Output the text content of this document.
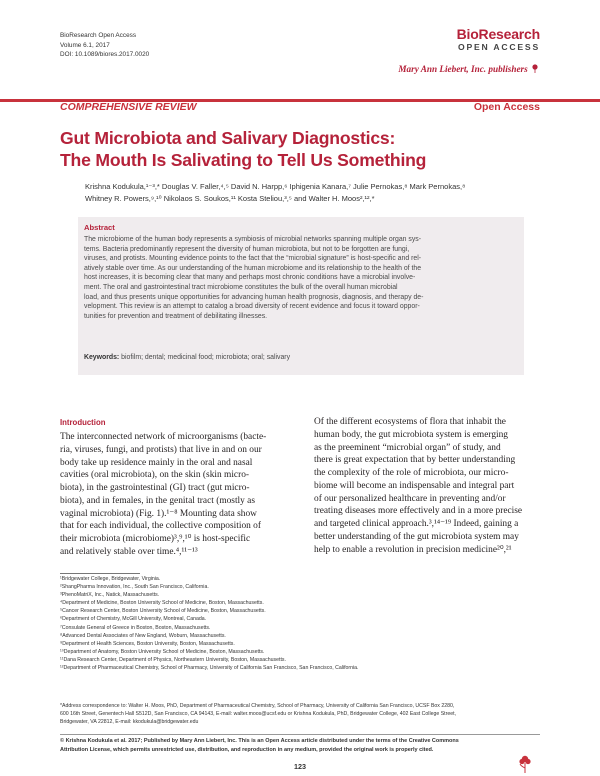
BioResearch Open Access
Volume 6.1, 2017
DOI: 10.1089/biores.2017.0020
BioResearch
OPEN ACCESS
Mary Ann Liebert, Inc. publishers
COMPREHENSIVE REVIEW	Open Access
Gut Microbiota and Salivary Diagnostics:
The Mouth Is Salivating to Tell Us Something
Krishna Kodukula,¹⁻³,* Douglas V. Faller,⁴,⁵ David N. Harpp,⁶ Iphigenia Kanara,⁷ Julie Pernokas,⁸ Mark Pernokas,⁸
Whitney R. Powers,⁹,¹⁰ Nikolaos S. Soukos,¹¹ Kosta Steliou,³,⁵ and Walter H. Moos²,¹²,*
Abstract
The microbiome of the human body represents a symbiosis of microbial networks spanning multiple organ sys-
tems. Bacteria predominantly represent the diversity of human microbiota, but not to be forgotten are fungi,
viruses, and protists. Mounting evidence points to the fact that the “microbial signature” is host-specific and rel-
atively stable over time. As our understanding of the human microbiome and its relationship to the health of the
host increases, it is becoming clear that many and perhaps most chronic conditions have a microbial involve-
ment. The oral and gastrointestinal tract microbiome constitutes the bulk of the overall human microbial
load, and thus presents unique opportunities for advancing human health prognosis, diagnosis, and therapy de-
velopment. This review is an attempt to catalog a broad diversity of recent evidence and focus it toward oppor-
tunities for prevention and treatment of debilitating illnesses.
Keywords: biofilm; dental; medicinal food; microbiota; oral; salivary
Introduction
The interconnected network of microorganisms (bacte-
ria, viruses, fungi, and protists) that live in and on our
body take up residence mainly in the oral and nasal
cavities (oral microbiota), on the skin (skin micro-
biota), in the gastrointestinal (GI) tract (gut micro-
biota), and in females, in the genital tract (mostly as
vaginal microbiota) (Fig. 1).¹⁻⁸ Mounting data show
that for each individual, the collective composition of
their microbiota (microbiome)³,⁹,¹⁰ is host-specific
and relatively stable over time.⁴,¹¹⁻¹³
Of the different ecosystems of flora that inhabit the
human body, the gut microbiota system is emerging
as the preeminent “microbial organ” of study, and
there is great expectation that by better understanding
the complexity of the role of microbiota, our micro-
biome will become an indispensable and integral part
of our personalized healthcare in preventing and/or
treating diseases more effectively and in a more precise
and targeted clinical approach.³,¹⁴⁻¹⁹ Indeed, gaining a
better understanding of the gut microbiota system may
help to enable a revolution in precision medicine²⁰,²¹
¹Bridgewater College, Bridgewater, Virginia.
²ShangPharma Innovation, Inc., South San Francisco, California.
³PhenoMatriX, Inc., Natick, Massachusetts.
⁴Department of Medicine, Boston University School of Medicine, Boston, Massachusetts.
⁵Cancer Research Center, Boston University School of Medicine, Boston, Massachusetts.
⁶Department of Chemistry, McGill University, Montreal, Canada.
⁷Consulate General of Greece in Boston, Boston, Massachusetts.
⁸Advanced Dental Associates of New England, Woburn, Massachusetts.
⁹Department of Health Sciences, Boston University, Boston, Massachusetts.
¹⁰Department of Anatomy, Boston University School of Medicine, Boston, Massachusetts.
¹¹Dana Research Center, Department of Physics, Northeastern University, Boston, Massachusetts.
¹²Department of Pharmaceutical Chemistry, School of Pharmacy, University of California San Francisco, San Francisco, California.
*Address correspondence to: Walter H. Moos, PhD, Department of Pharmaceutical Chemistry, School of Pharmacy, University of California San Francisco, UCSF Box 2280,
600 16th Street, Genentech Hall S512D, San Francisco, CA 94143, E-mail: walter.moos@ucsf.edu or Krishna Kodukula, PhD, Bridgewater College, 402 East College Street,
Bridgewater, VA 22812, E-mail: kkodukula@bridgewater.edu
© Krishna Kodukula et al. 2017; Published by Mary Ann Liebert, Inc. This is an Open Access article distributed under the terms of the Creative Commons
Attribution License, which permits unrestricted use, distribution, and reproduction in any medium, provided the original work is properly cited.
123
